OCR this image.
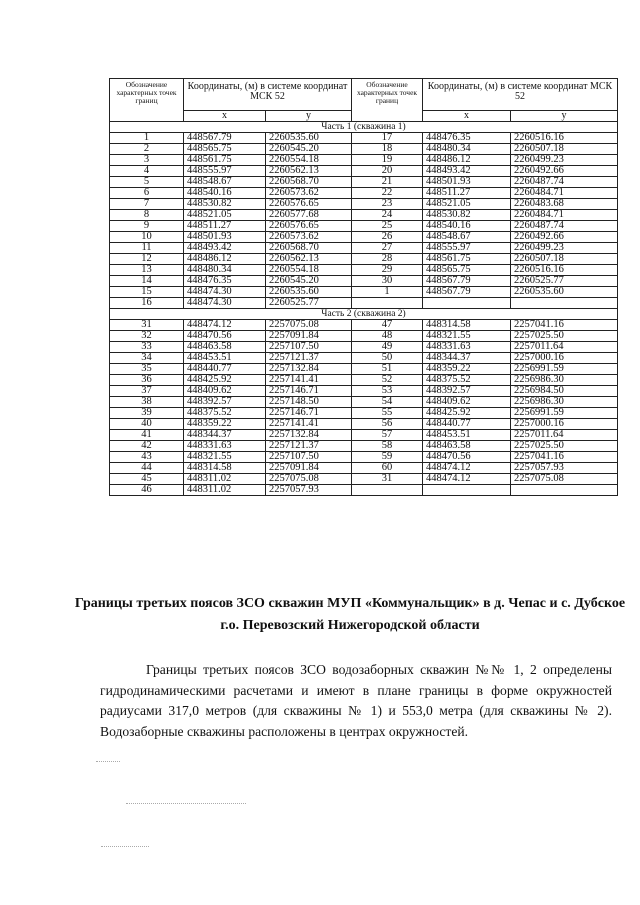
Обозначение характерных точек границ	Координаты, (м) в системе координат МСК 52		Обозначение характерных точек границ	Координаты, (м) в системе координат МСК 52	
	x	у		х	у
Часть 1 (скважина 1)					
1	448567.79	2260535.60	17	448476.35	2260516.16
2	448565.75	2260545.20	18	448480.34	2260507.18
3	448561.75	2260554.18	19	448486.12	2260499.23
4	448555.97	2260562.13	20	448493.42	2260492.66
5	448548.67	2260568.70	21	448501.93	2260487.74
6	448540.16	2260573.62	22	448511.27	2260484.71
7	448530.82	2260576.65	23	448521.05	2260483.68
8	448521.05	2260577.68	24	448530.82	2260484.71
9	448511.27	2260576.65	25	448540.16	2260487.74
10	448501.93	2260573.62	26	448548.67	2260492.66
11	448493.42	2260568.70	27	448555.97	2260499.23
12	448486.12	2260562.13	28	448561.75	2260507.18
13	448480.34	2260554.18	29	448565.75	2260516.16
14	448476.35	2260545.20	30	448567.79	2260525.77
15	448474.30	2260535.60	1	448567.79	2260535.60
16	448474.30	2260525.77			
Часть 2 (скважина 2)					
31	448474.12	2257075.08	47	448314.58	2257041.16
32	448470.56	2257091.84	48	448321.55	2257025.50
33	448463.58	2257107.50	49	448331.63	2257011.64
34	448453.51	2257121.37	50	448344.37	2257000.16
35	448440.77	2257132.84	51	448359.22	2256991.59
36	448425.92	2257141.41	52	448375.52	2256986.30
37	448409.62	2257146.71	53	448392.57	2256984.50
38	448392.57	2257148.50	54	448409.62	2256986.30
39	448375.52	2257146.71	55	448425.92	2256991.59
40	448359.22	2257141.41	56	448440.77	2257000.16
41	448344.37	2257132.84	57	448453.51	2257011.64
42	448331.63	2257121.37	58	448463.58	2257025.50
43	448321.55	2257107.50	59	448470.56	2257041.16
44	448314.58	2257091.84	60	448474.12	2257057.93
45	448311.02	2257075.08	31	448474.12	2257075.08
46	448311.02	2257057.93			
Границы третьих поясов ЗСО скважин МУП «Коммунальщик» в д. Чепас и с. Дубское г.о. Перевозский Нижегородской области

Границы третьих поясов ЗСО водозаборных скважин №№ 1, 2 определены гидродинамическими расчетами и имеют в плане границы в форме окружностей радиусами 317,0 метров (для скважины № 1) и 553,0 метра (для скважины № 2). Водозаборные скважины расположены в центрах окружностей.
